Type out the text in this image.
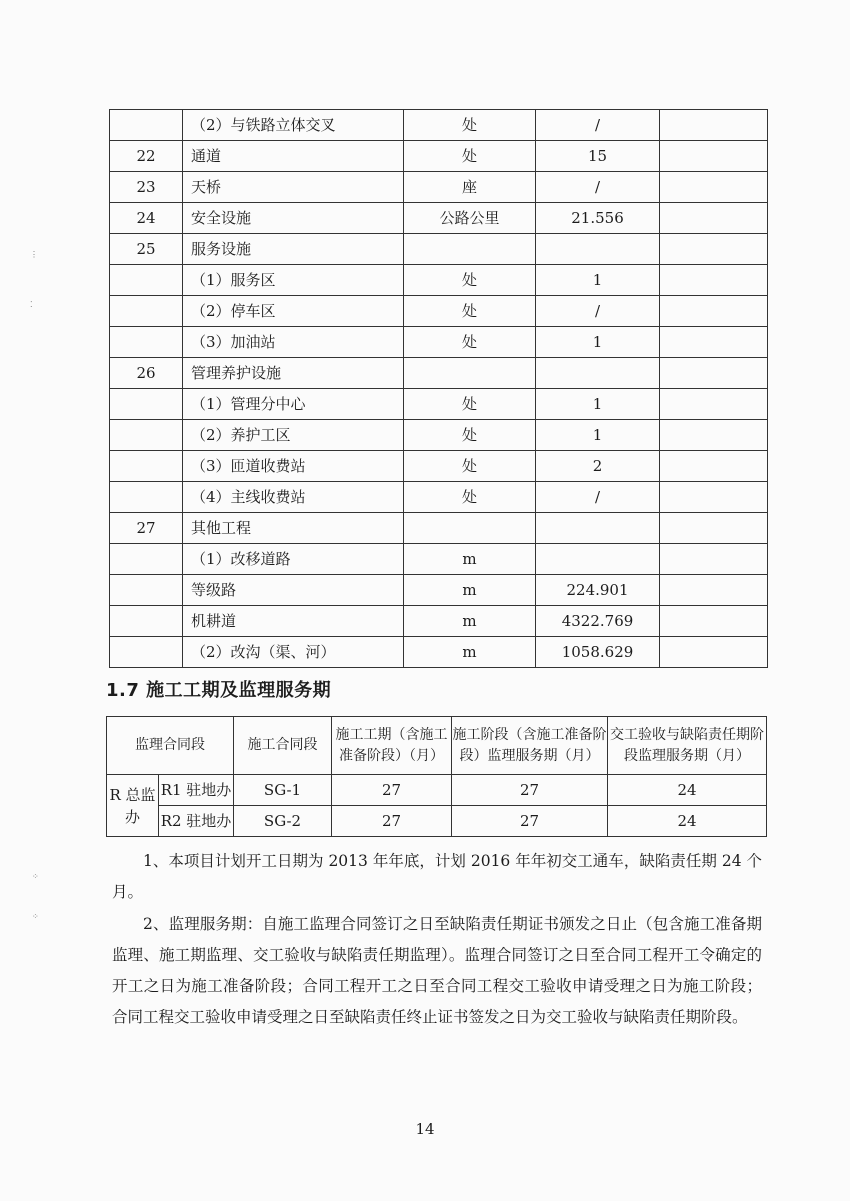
⋮
⁚
⁘
⁘
	（2）与铁路立体交叉	处	/	
22	通道	处	15	
23	天桥	座	/	
24	安全设施	公路公里	21.556	
25	服务设施			
	（1）服务区	处	1	
	（2）停车区	处	/	
	（3）加油站	处	1	
26	管理养护设施			
	（1）管理分中心	处	1	
	（2）养护工区	处	1	
	（3）匝道收费站	处	2	
	（4）主线收费站	处	/	
27	其他工程			
	（1）改移道路	m		
	等级路	m	224.901	
	机耕道	m	4322.769	
	（2）改沟（渠、河）	m	1058.629	
1.7 施工工期及监理服务期
监理合同段		施工合同段	施工工期（含施工准备阶段）（月）	施工阶段（含施工准备阶段）监理服务期（月）	交工验收与缺陷责任期阶段监理服务期（月）
R 总监办	R1 驻地办	SG-1	27	27	24
	R2 驻地办	SG-2	27	27	24

1、本项目计划开工日期为 2013 年年底，计划 2016 年年初交工通车，缺陷责任期 24 个月。

2、监理服务期：自施工监理合同签订之日至缺陷责任期证书颁发之日止（包含施工准备期监理、施工期监理、交工验收与缺陷责任期监理）。监理合同签订之日至合同工程开工令确定的开工之日为施工准备阶段；合同工程开工之日至合同工程交工验收申请受理之日为施工阶段；合同工程交工验收申请受理之日至缺陷责任终止证书签发之日为交工验收与缺陷责任期阶段。

14
